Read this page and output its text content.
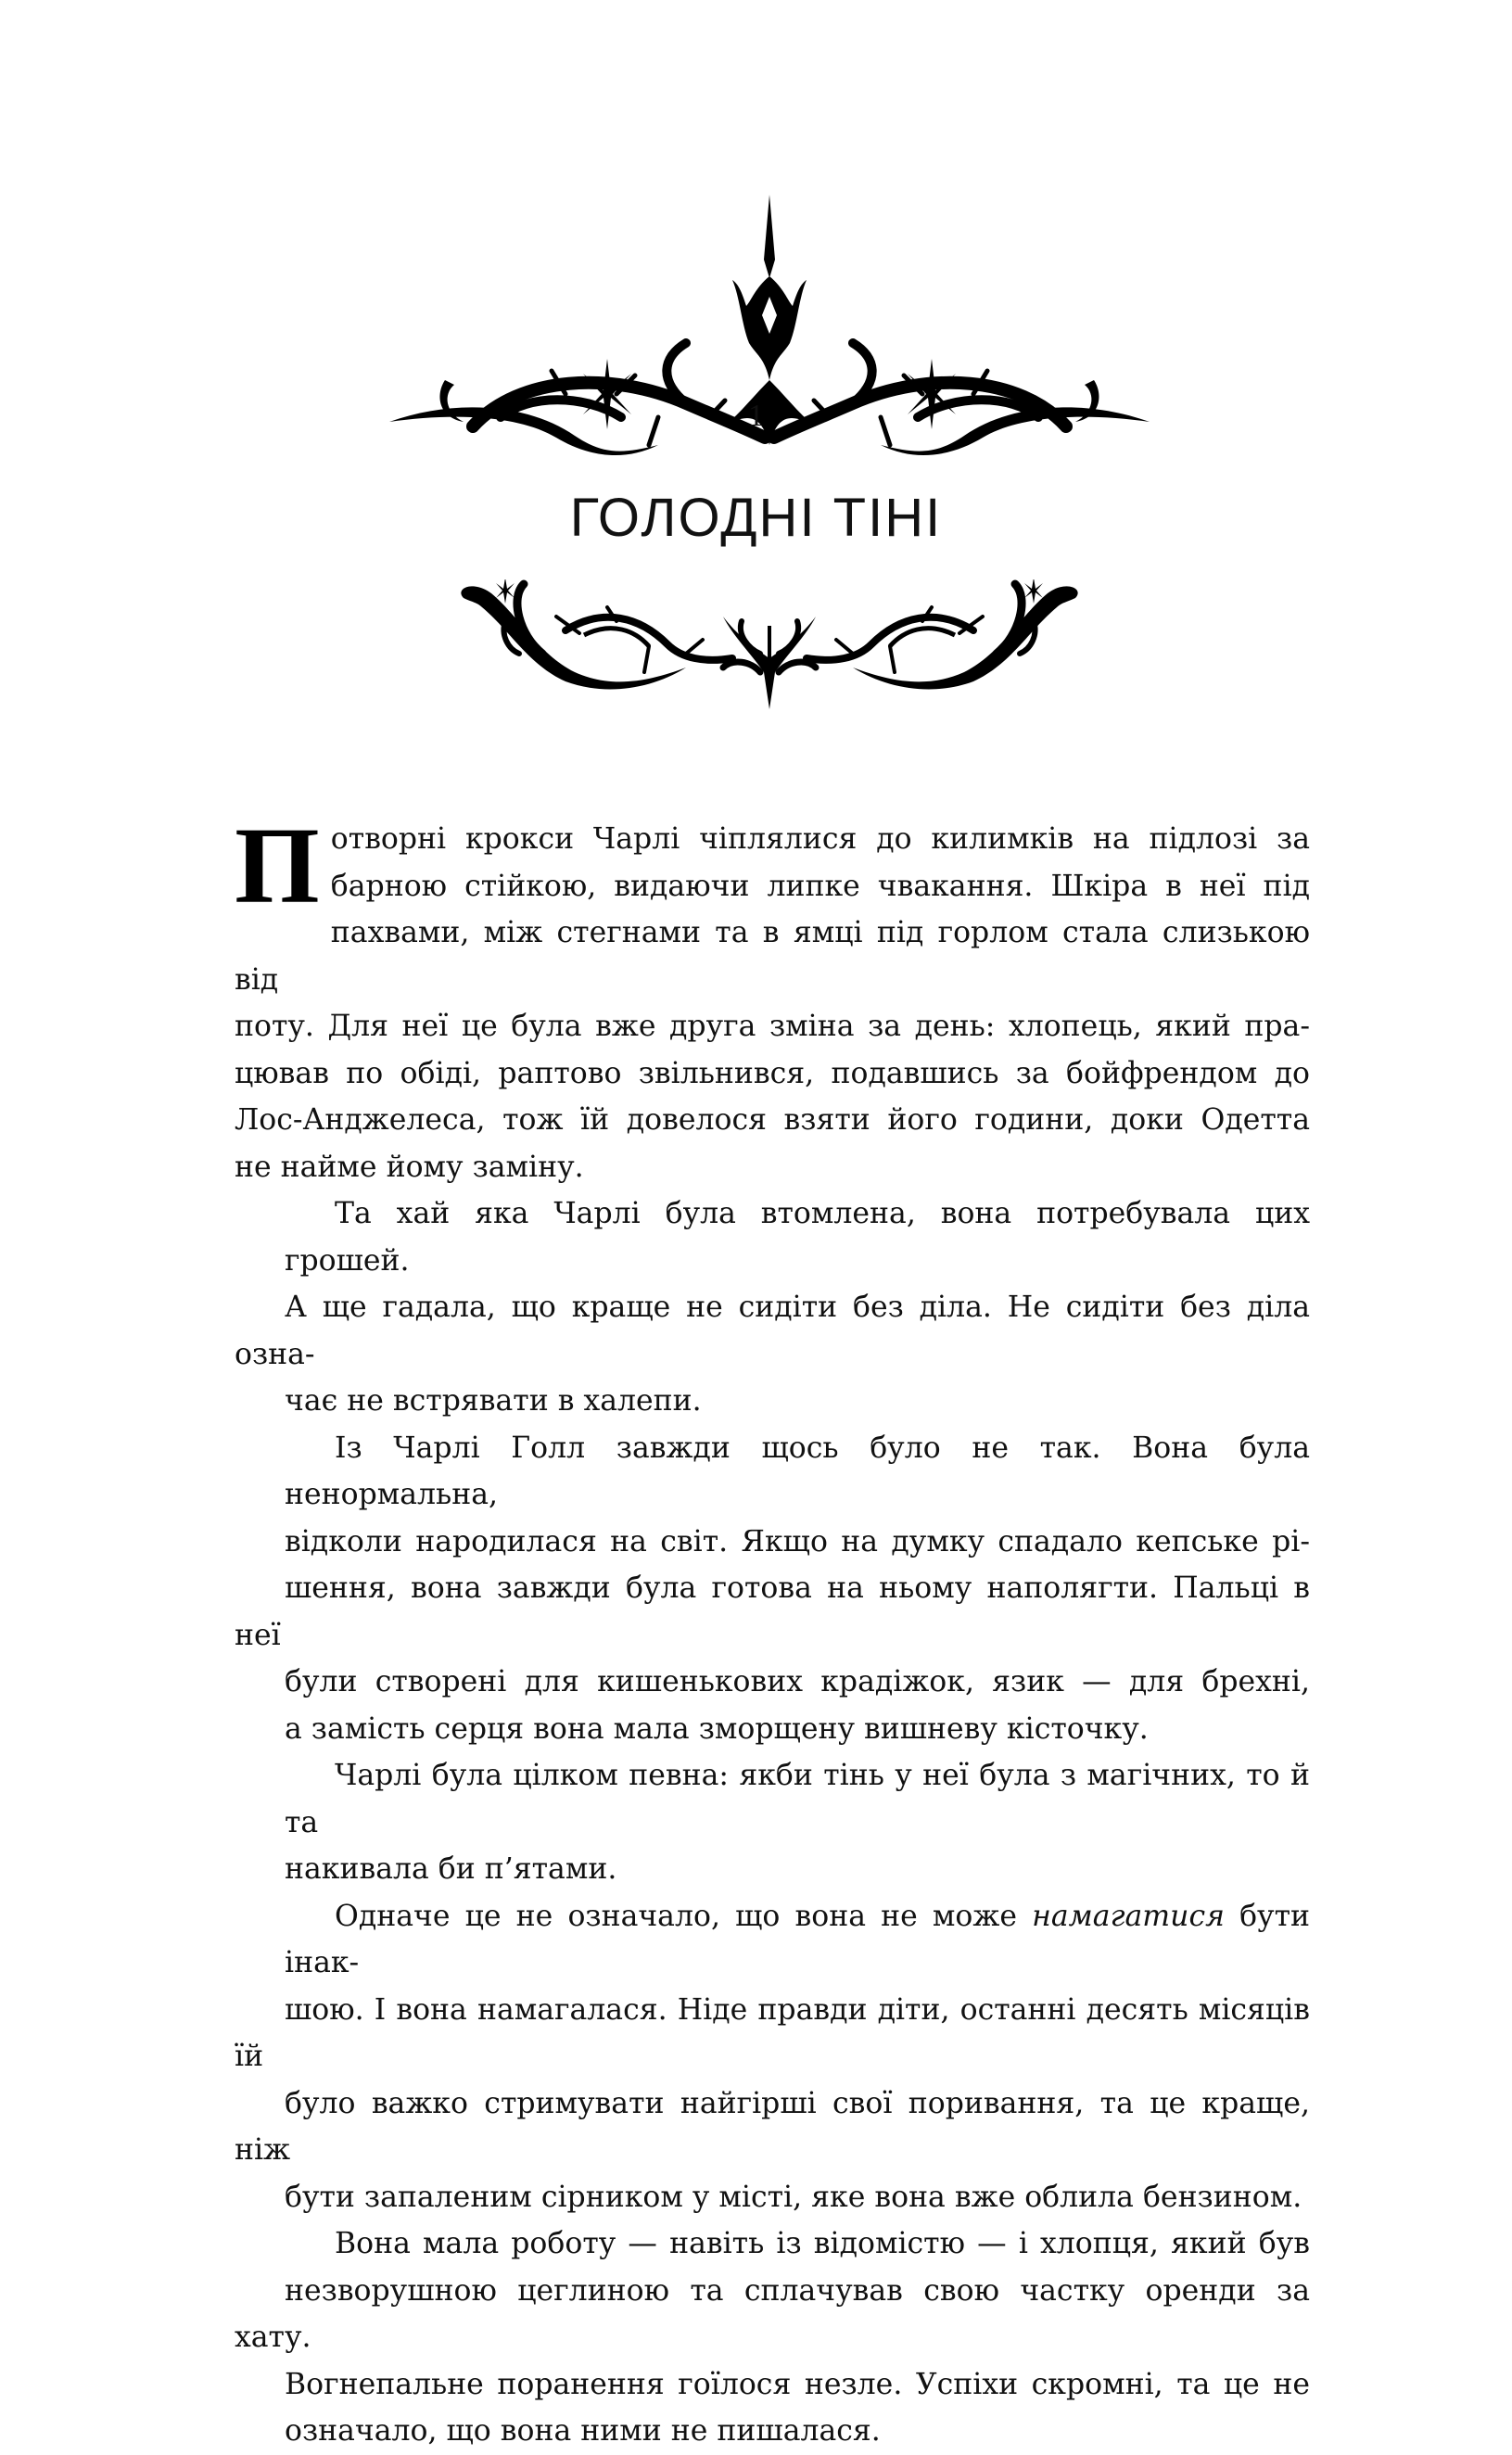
1
ГОЛОДНІ ТІНІ

П отворні крокси Чарлі чіплялися до килимків на підлозі за
барною стійкою, видаючи липке чвакання. Шкіра в неї під
пахвами, між стегнами та в ямці під горлом стала слизькою від
поту. Для неї це була вже друга зміна за день: хлопець, який пра-
цював по обіді, раптово звільнився, подавшись за бойфрендом до
Лос-Анджелеса, тож їй довелося взяти його години, доки Одетта
не найме йому заміну.

Та хай яка Чарлі була втомлена, вона потребувала цих грошей.
А ще гадала, що краще не сидіти без діла. Не сидіти без діла озна-
чає не встрявати в халепи.

Із Чарлі Голл завжди щось було не так. Вона була ненормальна,
відколи народилася на світ. Якщо на думку спадало кепське рі-
шення, вона завжди була готова на ньому наполягти. Пальці в неї
були створені для кишенькових крадіжок, язик — для брехні,
а замість серця вона мала зморщену вишневу кісточку.

Чарлі була цілком певна: якби тінь у неї була з магічних, то й та
накивала би п’ятами.

Одначе це не означало, що вона не може намагатися бути інак-
шою. І вона намагалася. Ніде правди діти, останні десять місяців їй
було важко стримувати найгірші свої поривання, та це краще, ніж
бути запаленим сірником у місті, яке вона вже облила бензином.

Вона мала роботу — навіть із відомістю — і хлопця, який був
незворушною цеглиною та сплачував свою частку оренди за хату.
Вогнепальне поранення гоїлося незле. Успіхи скромні, та це не
означало, що вона ними не пишалася.
